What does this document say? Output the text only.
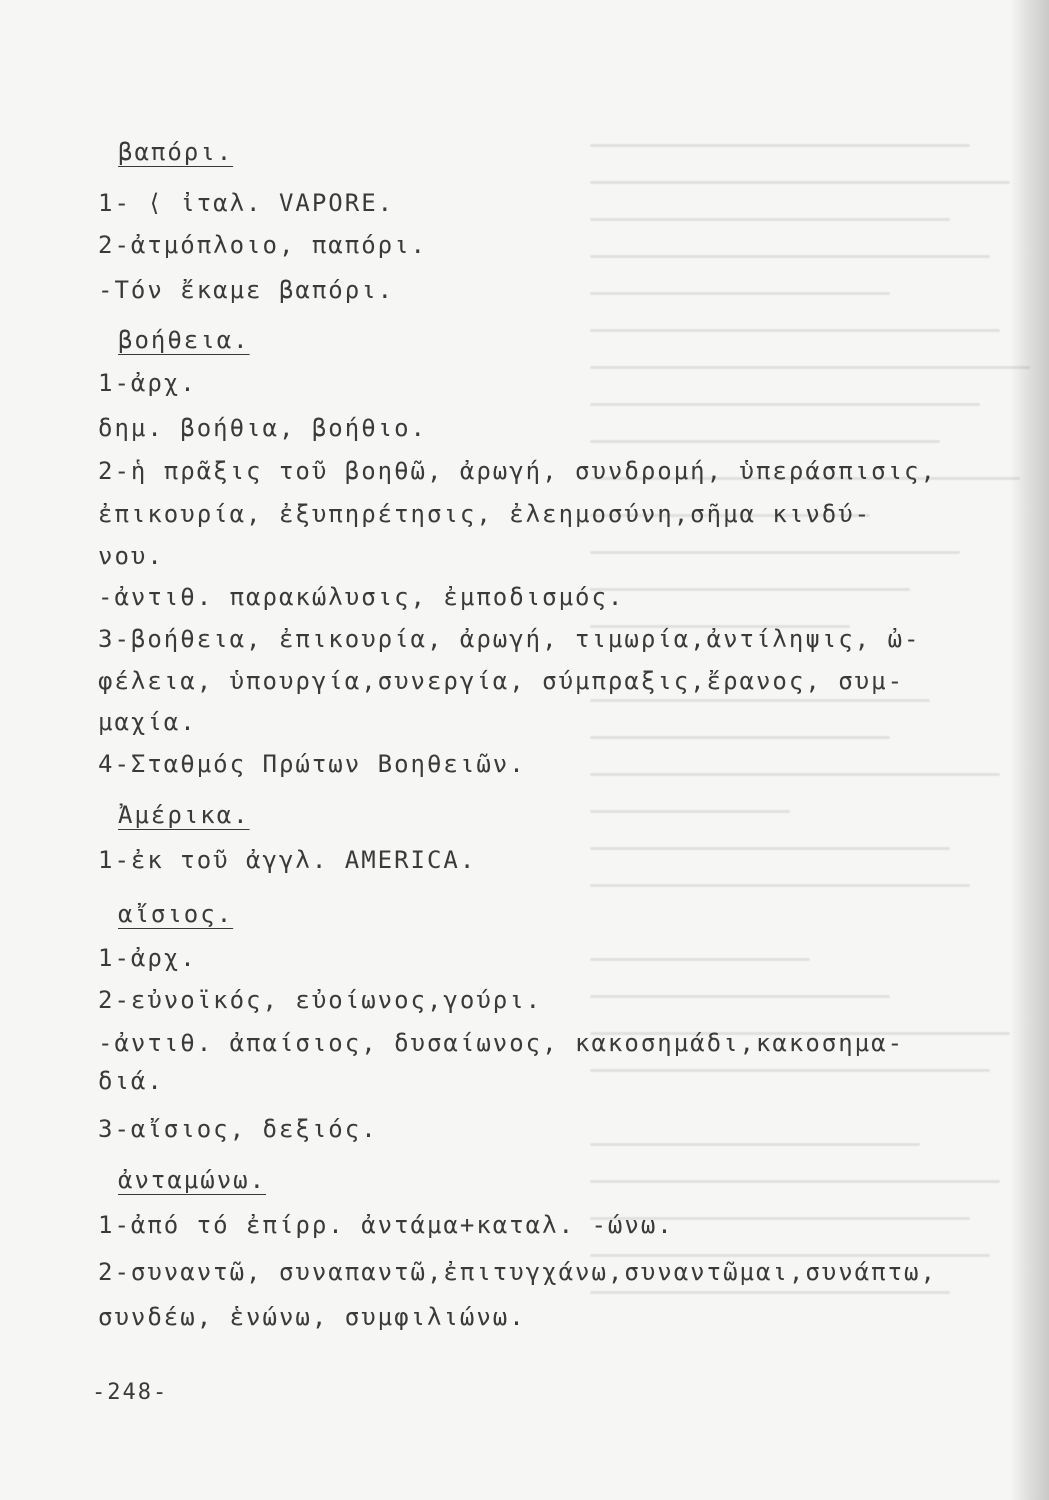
βαπόρι.
1- ⟨ ἰταλ. VAPORE.
2-ἀτμόπλοιο, παπόρι.
-Τόν ἔκαμε βαπόρι.
βοήθεια.
1-ἀρχ.
δημ. βοήθια, βοήθιο.
2-ἡ πρᾶξις τοῦ βοηθῶ, ἀρωγή, συνδρομή, ὑπεράσπισις,
ἐπικουρία, ἐξυπηρέτησις, ἐλεημοσύνη,σῆμα κινδύ-
νου.
-ἀντιθ. παρακώλυσις, ἐμποδισμός.
3-βοήθεια, ἐπικουρία, ἀρωγή, τιμωρία,ἀντίληψις, ὠ-
φέλεια, ὑπουργία,συνεργία, σύμπραξις,ἔρανος, συμ-
μαχία.
4-Σταθμός Πρώτων Βοηθειῶν.
Ἀμέρικα.
1-ἐκ τοῦ ἀγγλ. AMERICA.
αἴσιος.
1-ἀρχ.
2-εὐνοϊκός, εὐοίωνος,γούρι.
-ἀντιθ. ἀπαίσιος, δυσαίωνος, κακοσημάδι,κακοσημα-
διά.
3-αἴσιος, δεξιός.
ἀνταμώνω.
1-ἀπό τό ἐπίρρ. ἀντάμα+καταλ. -ώνω.
2-συναντῶ, συναπαντῶ,ἐπιτυγχάνω,συναντῶμαι,συνάπτω,
συνδέω, ἑνώνω, συμφιλιώνω.
-248-
